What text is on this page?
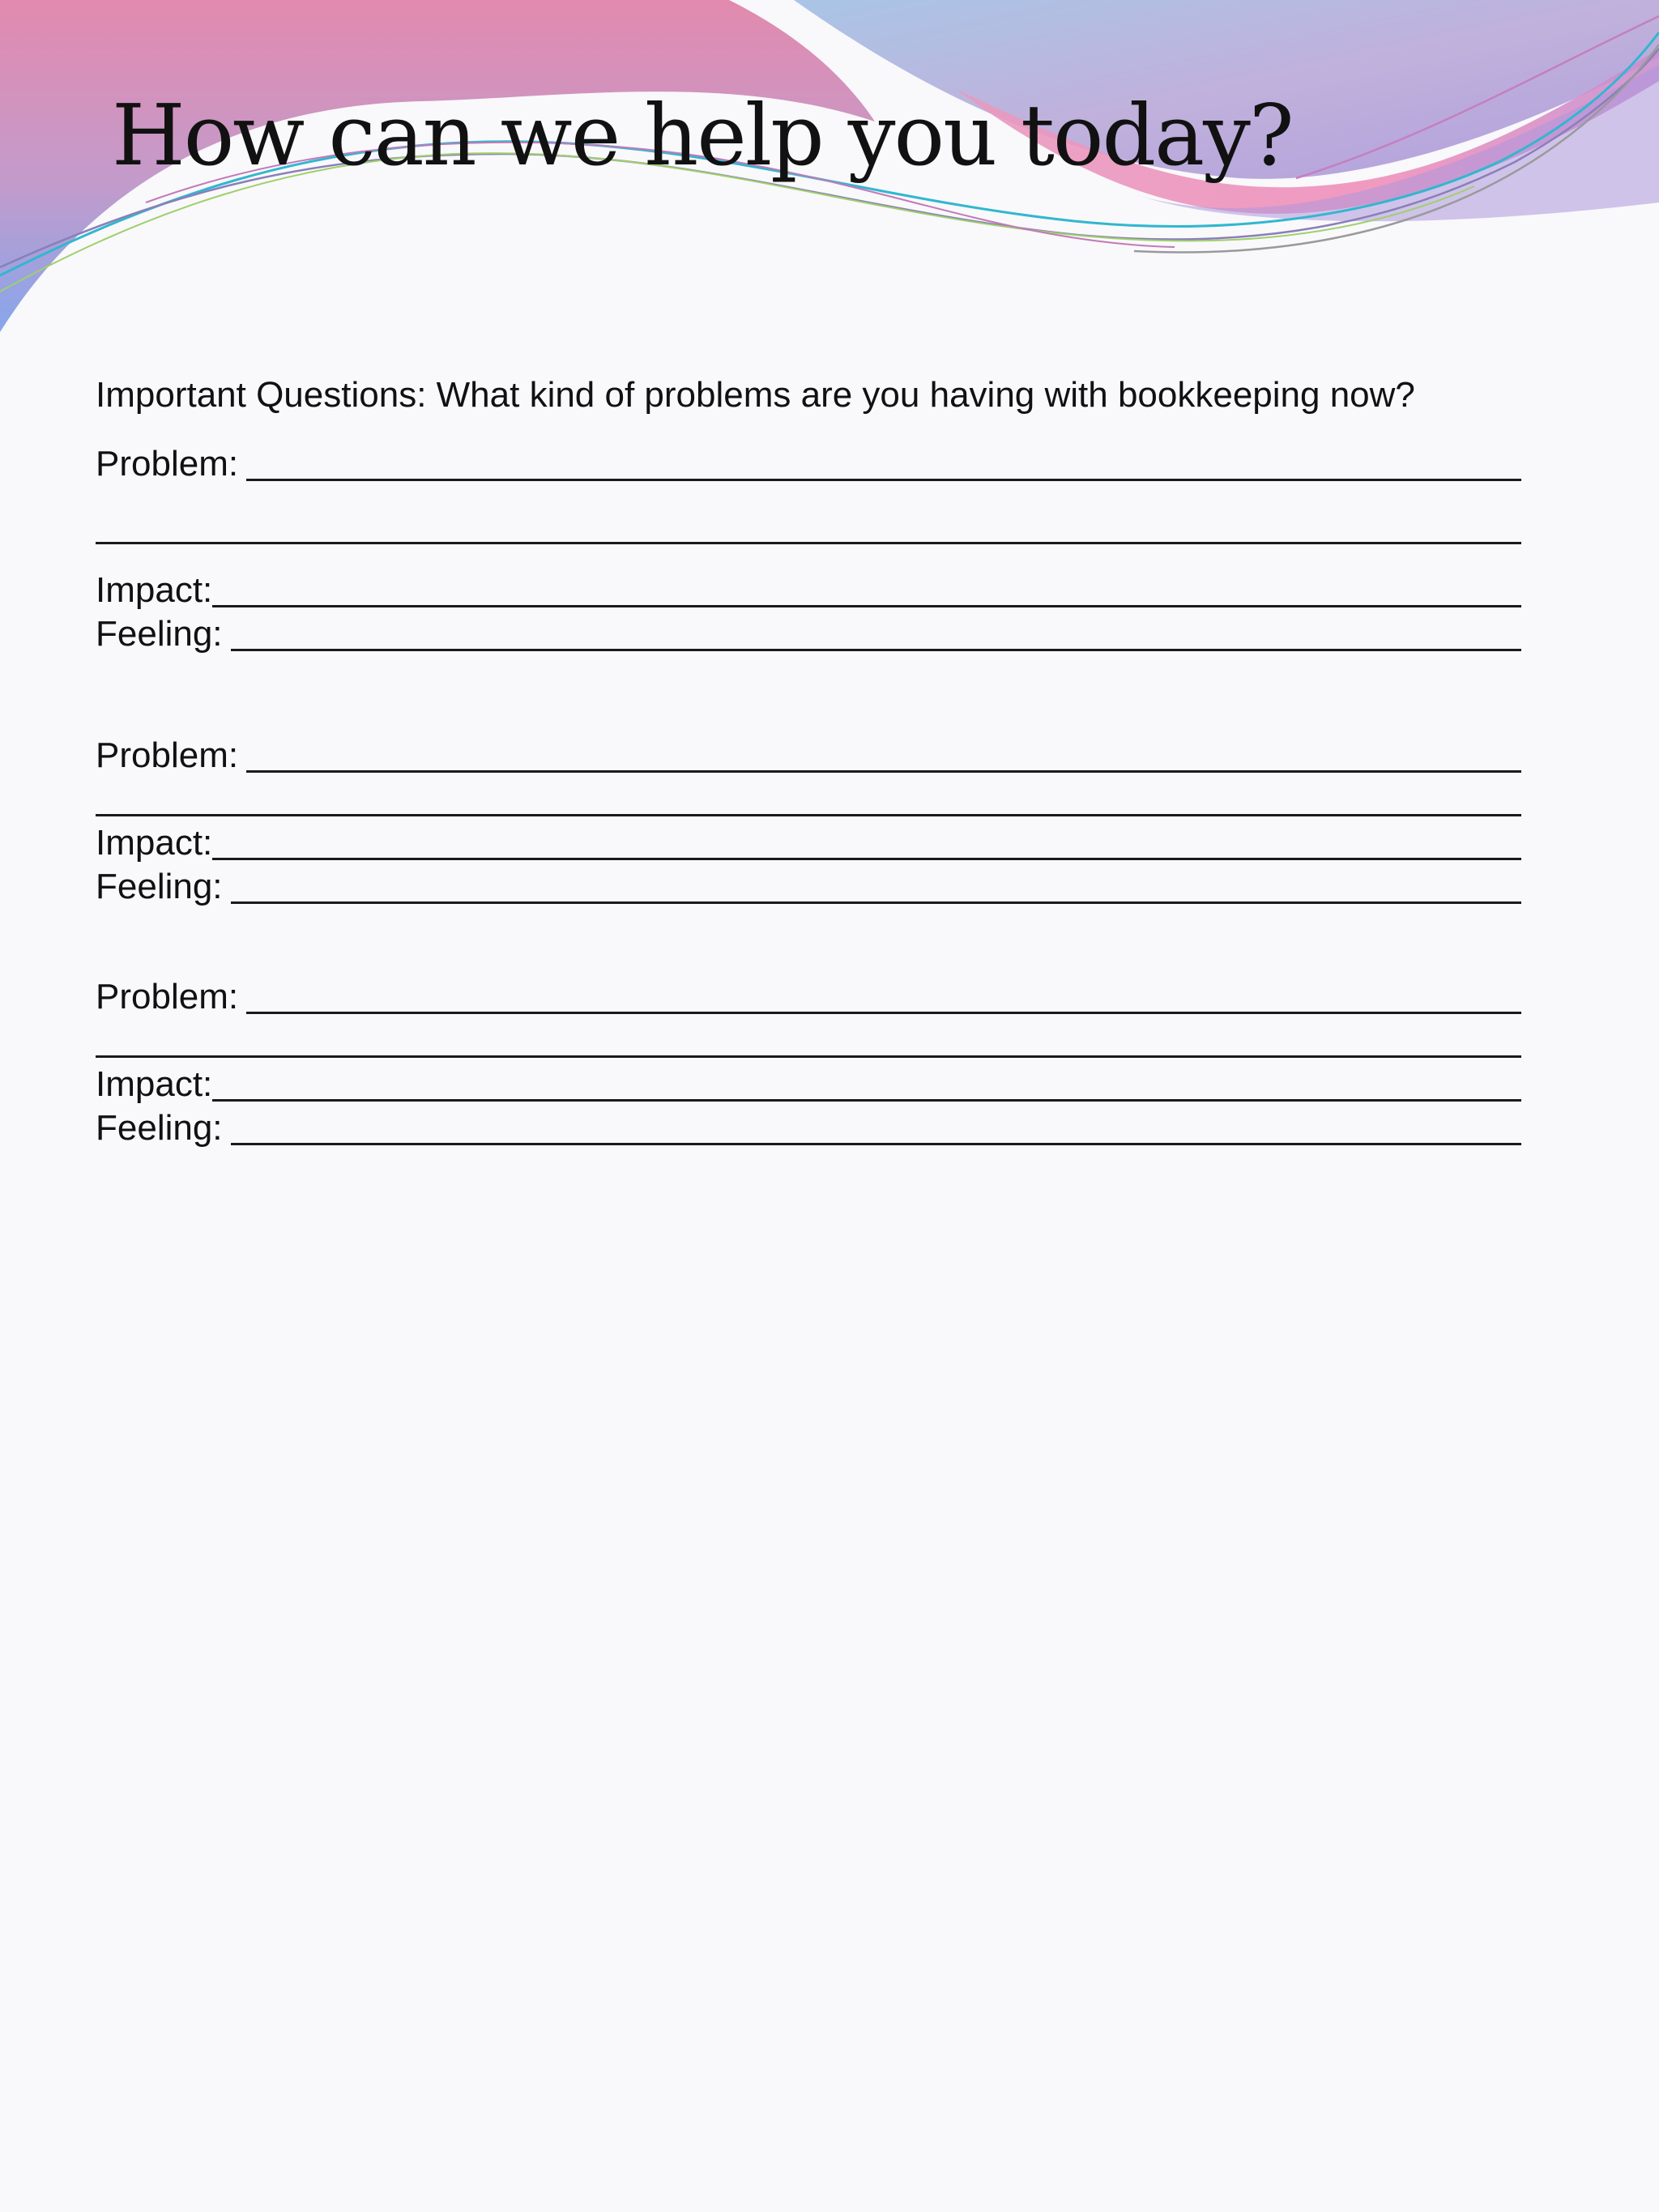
How can we help you today?

Important Questions: What kind of problems are you having with bookkeeping now?

Problem:
Impact:
Feeling:
Problem:
Impact:
Feeling:
Problem:
Impact:
Feeling:
